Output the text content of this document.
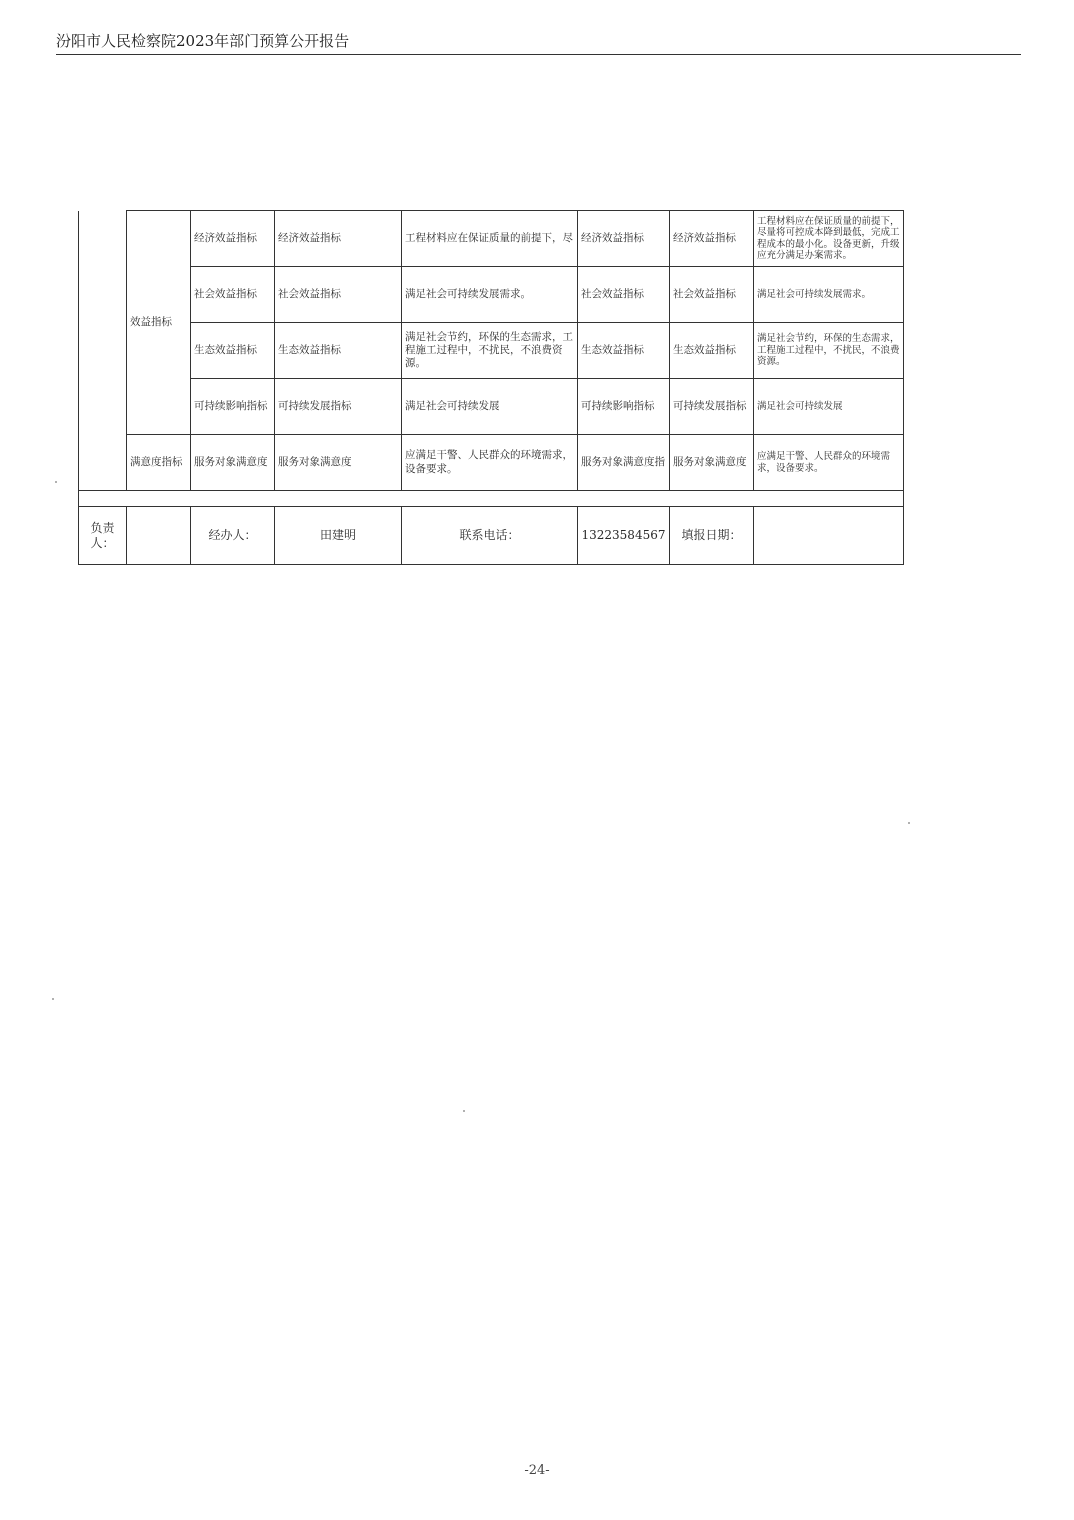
汾阳市人民检察院2023年部门预算公开报告
	效益指标	经济效益指标	经济效益指标	工程材料应在保证质量的前提下，尽	经济效益指标	经济效益指标	工程材料应在保证质量的前提下，尽量将可控成本降到最低，完成工程成本的最小化。设备更新，升级应充分满足办案需求。
		社会效益指标	社会效益指标	满足社会可持续发展需求。	社会效益指标	社会效益指标	满足社会可持续发展需求。
		生态效益指标	生态效益指标	满足社会节约，环保的生态需求，工程施工过程中，不扰民，不浪费资源。	生态效益指标	生态效益指标	满足社会节约，环保的生态需求，工程施工过程中，不扰民，不浪费资源。
		可持续影响指标	可持续发展指标	满足社会可持续发展	可持续影响指标	可持续发展指标	满足社会可持续发展
	满意度指标	服务对象满意度	服务对象满意度	应满足干警、人民群众的环境需求，设备要求。	服务对象满意度指	服务对象满意度	应满足干警、人民群众的环境需求，设备要求。

负责人：		经办人：	田建明	联系电话：	13223584567	填报日期：	
-24-
